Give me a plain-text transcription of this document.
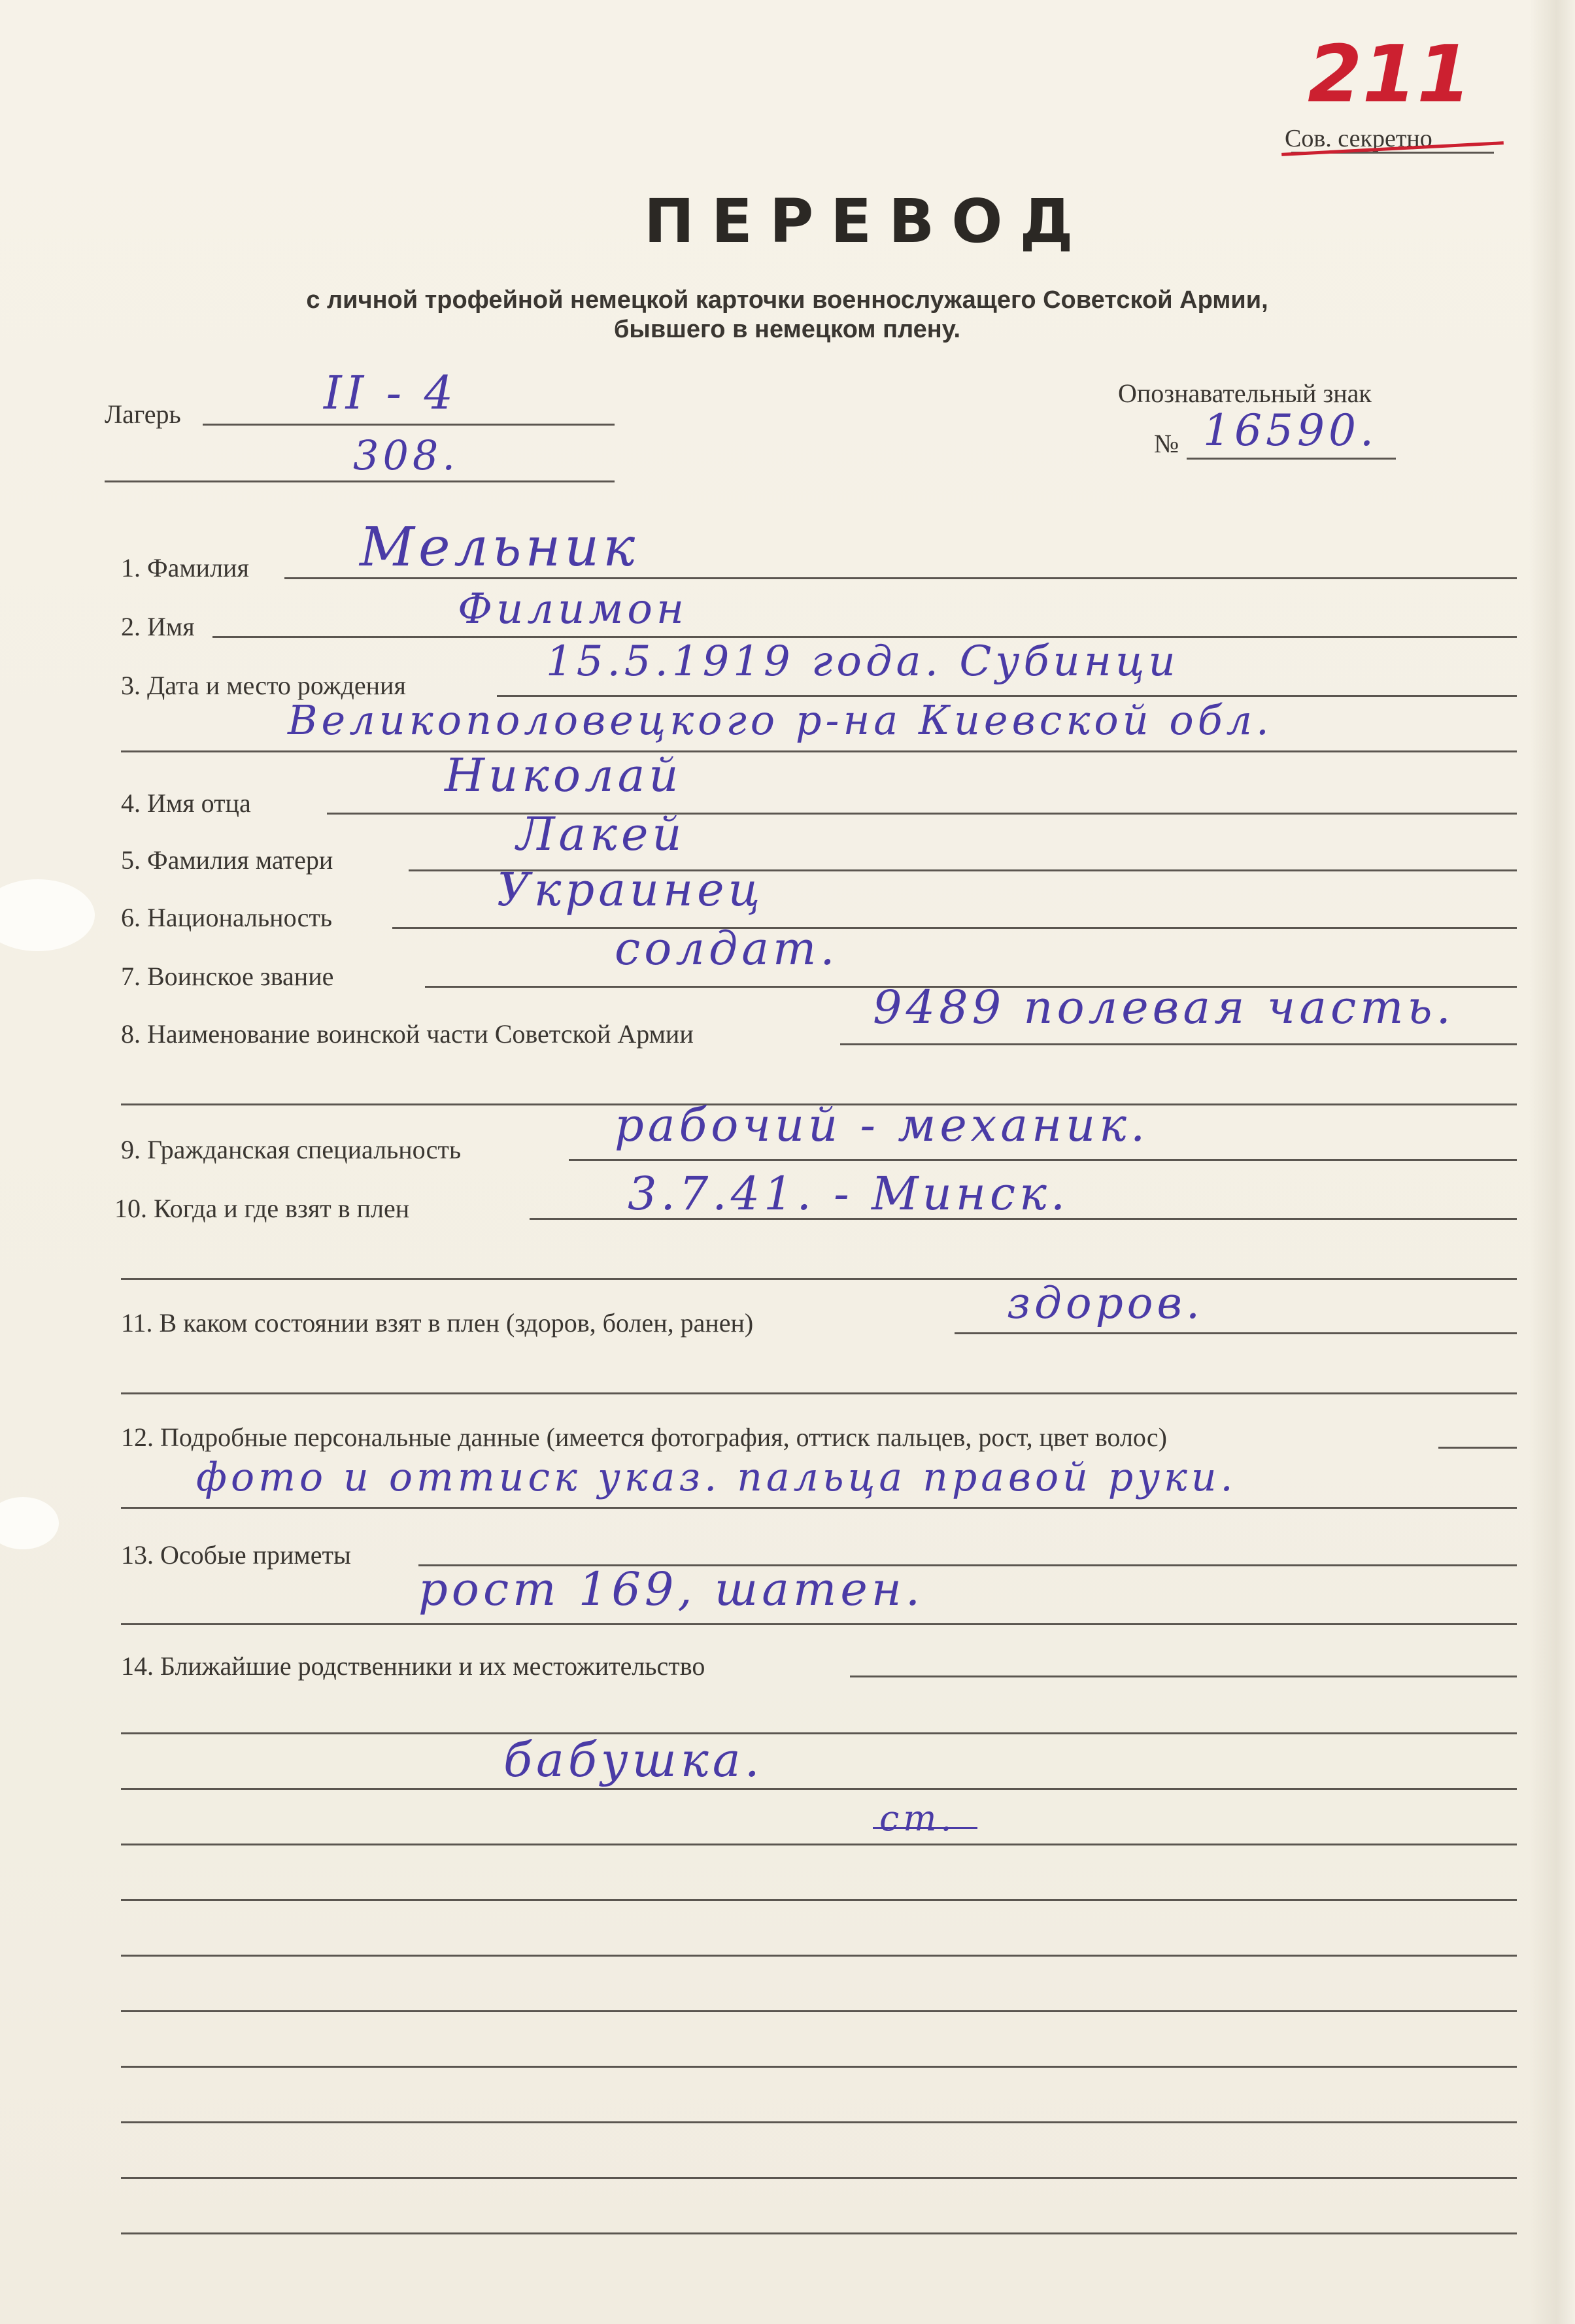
211
Сов. секретно
ПЕРЕВОД
с личной трофейной немецкой карточки военнослужащего Советской Армии,
бывшего в немецком плену.
Лагерь	II - 4
308.
Опознавательный знак
№ 16590.
1. Фамилия Мельник
2. Имя	Филимон
3. Дата и место рождения	15.5.1919 года. Субинци
Великополовецкого р-на Киевской обл.
4. Имя отца
Николай
5. Фамилия матери	Лакей
6. Национальность
Украинец
7. Воинское звание
солдат.
8. Наименование воинской части Советской Армии	9489 полевая часть.
9. Гражданская специальность	рабочий - механик.
10. Когда и где взят в плен	3.7.41. - Минск.
11. В каком состоянии взят в плен (здоров, болен, ранен)	здоров.
12. Подробные персональные данные (имеется фотография, оттиск пальцев, рост, цвет волос)
фото и оттиск указ. пальца правой руки.
13. Особые приметы
рост 169, шатен.
14. Ближайшие родственники и их местожительство
бабушка.
ст.
